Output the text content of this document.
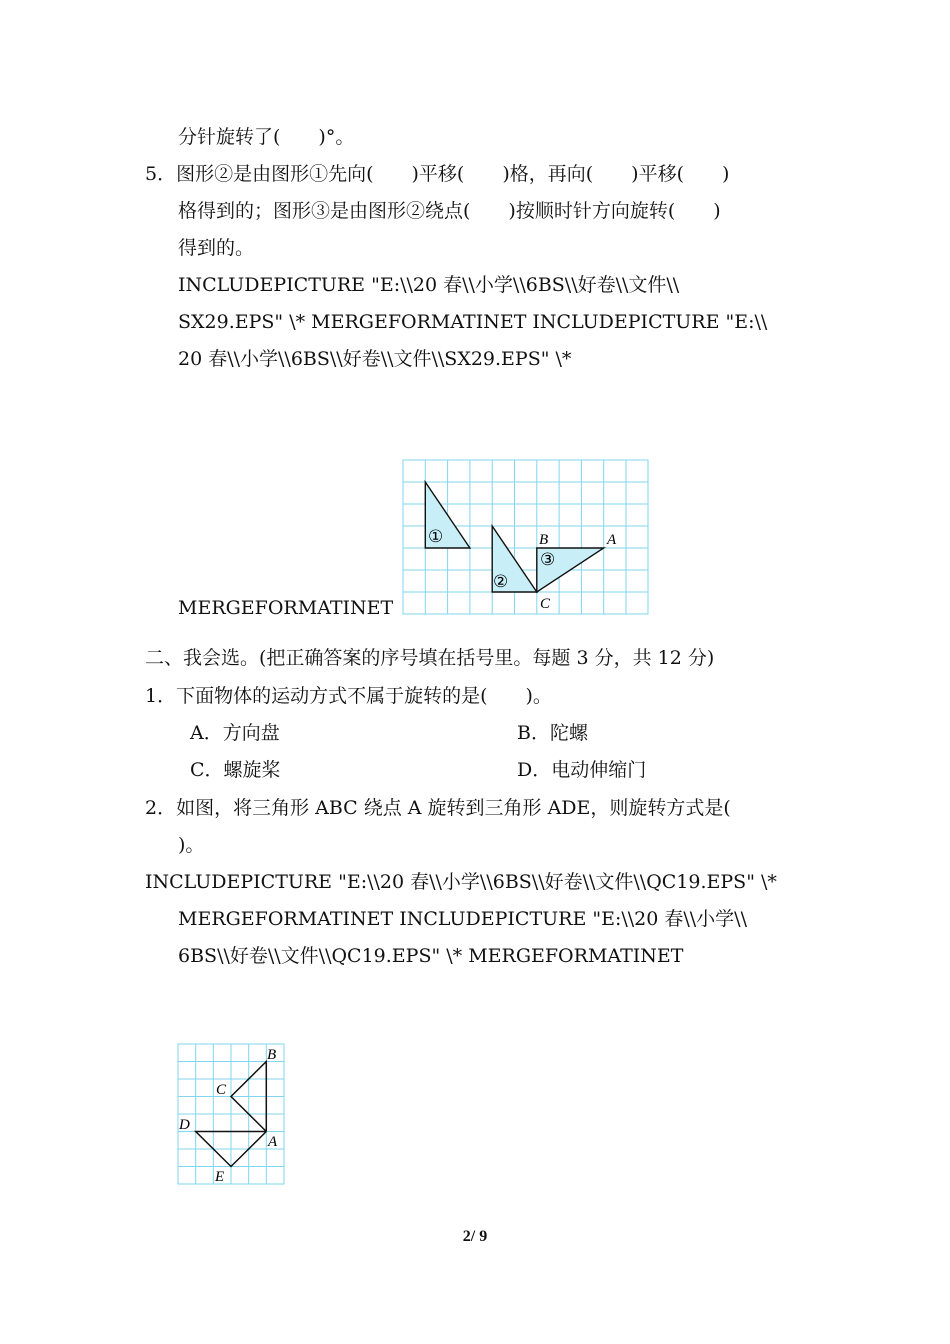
分针旋转了(　　)°。
5．图形②是由图形①先向(　　)平移(　　)格，再向(　　)平移(　　)
格得到的；图形③是由图形②绕点(　　)按顺时针方向旋转(　　)
得到的。
INCLUDEPICTURE "E:\\20 春\\小学\\6BS\\好卷\\文件\\
SX29.EPS" \* MERGEFORMATINET INCLUDEPICTURE "E:\\
20 春\\小学\\6BS\\好卷\\文件\\SX29.EPS" \*
MERGEFORMATINET
①
②
③
A
B
C
二、我会选。(把正确答案的序号填在括号里。每题 3 分，共 12 分)
1．下面物体的运动方式不属于旋转的是(　　)。
A．方向盘	B．陀螺
C．螺旋桨	D．电动伸缩门
2．如图，将三角形 ABC 绕点 A 旋转到三角形 ADE，则旋转方式是(
)。
INCLUDEPICTURE "E:\\20 春\\小学\\6BS\\好卷\\文件\\QC19.EPS" \*
MERGEFORMATINET INCLUDEPICTURE "E:\\20 春\\小学\\
6BS\\好卷\\文件\\QC19.EPS" \* MERGEFORMATINET
B
C
D
A
E
2/ 9
